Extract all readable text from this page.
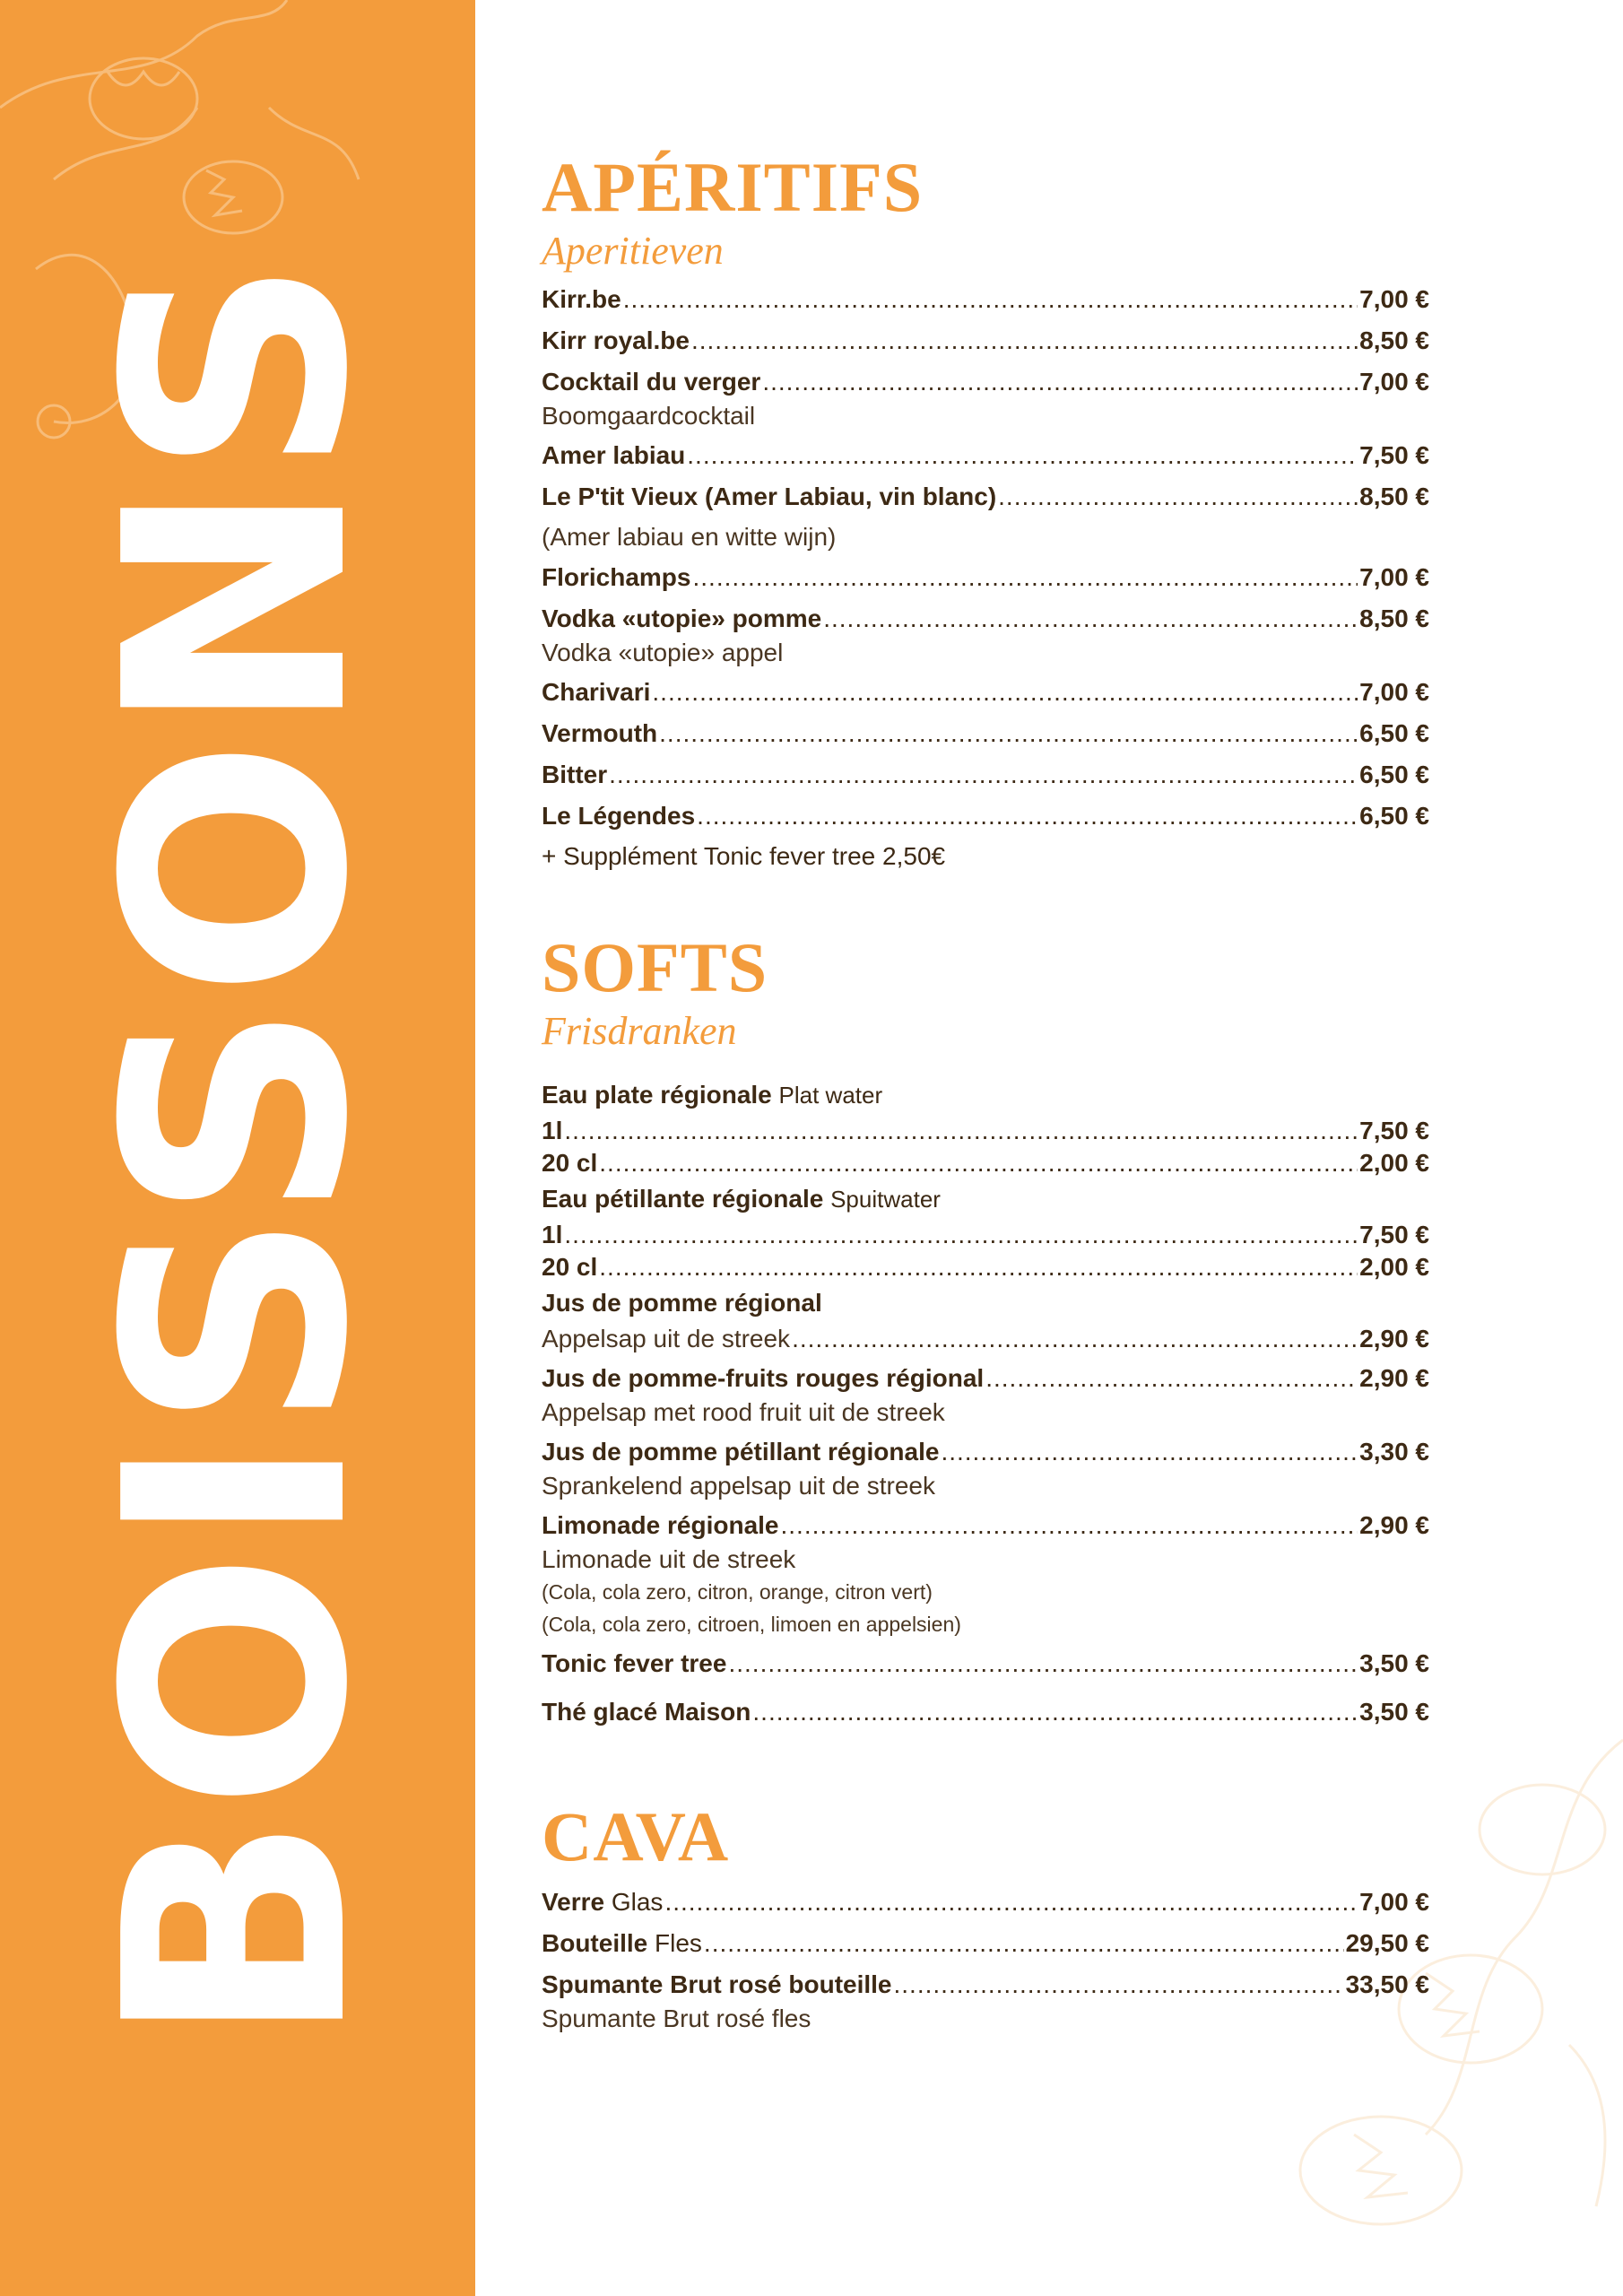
BOISSONS
APÉRITIFS
Aperitieven
Kirr.be .....	7,00 €
Kirr royal.be .....	8,50 €
Cocktail du verger .....	7,00 €
Boomgaardcocktail
Amer labiau .....	7,50 €
Le P'tit Vieux (Amer Labiau, vin blanc) .....	8,50 €
(Amer labiau en witte wijn)
Florichamps .....	7,00 €
Vodka «utopie» pomme .....	8,50 €
Vodka «utopie» appel
Charivari .....	7,00 €
Vermouth .....	6,50 €
Bitter .....	6,50 €
Le Légendes .....	6,50 €
+ Supplément Tonic fever tree 2,50€
SOFTS
Frisdranken
Eau plate régionale Plat water
1l .....	7,50 €
20 cl .....	2,00 €
Eau pétillante régionale Spuitwater
1l .....	7,50 €
20 cl .....	2,00 €
Jus de pomme régional
Appelsap uit de streek .....	2,90 €
Jus de pomme-fruits rouges régional .....	2,90 €
Appelsap met rood fruit uit de streek
Jus de pomme pétillant régionale .....	3,30 €
Sprankelend appelsap uit de streek
Limonade régionale .....	2,90 €
Limonade uit de streek
(Cola, cola zero, citron, orange, citron vert)
(Cola, cola zero, citroen, limoen en appelsien)
Tonic fever tree .....	3,50 €
Thé glacé Maison .....	3,50 €
CAVA
Verre Glas .....	7,00 €
Bouteille Fles .....	29,50 €
Spumante Brut rosé bouteille .....	33,50 €
Spumante Brut rosé fles
